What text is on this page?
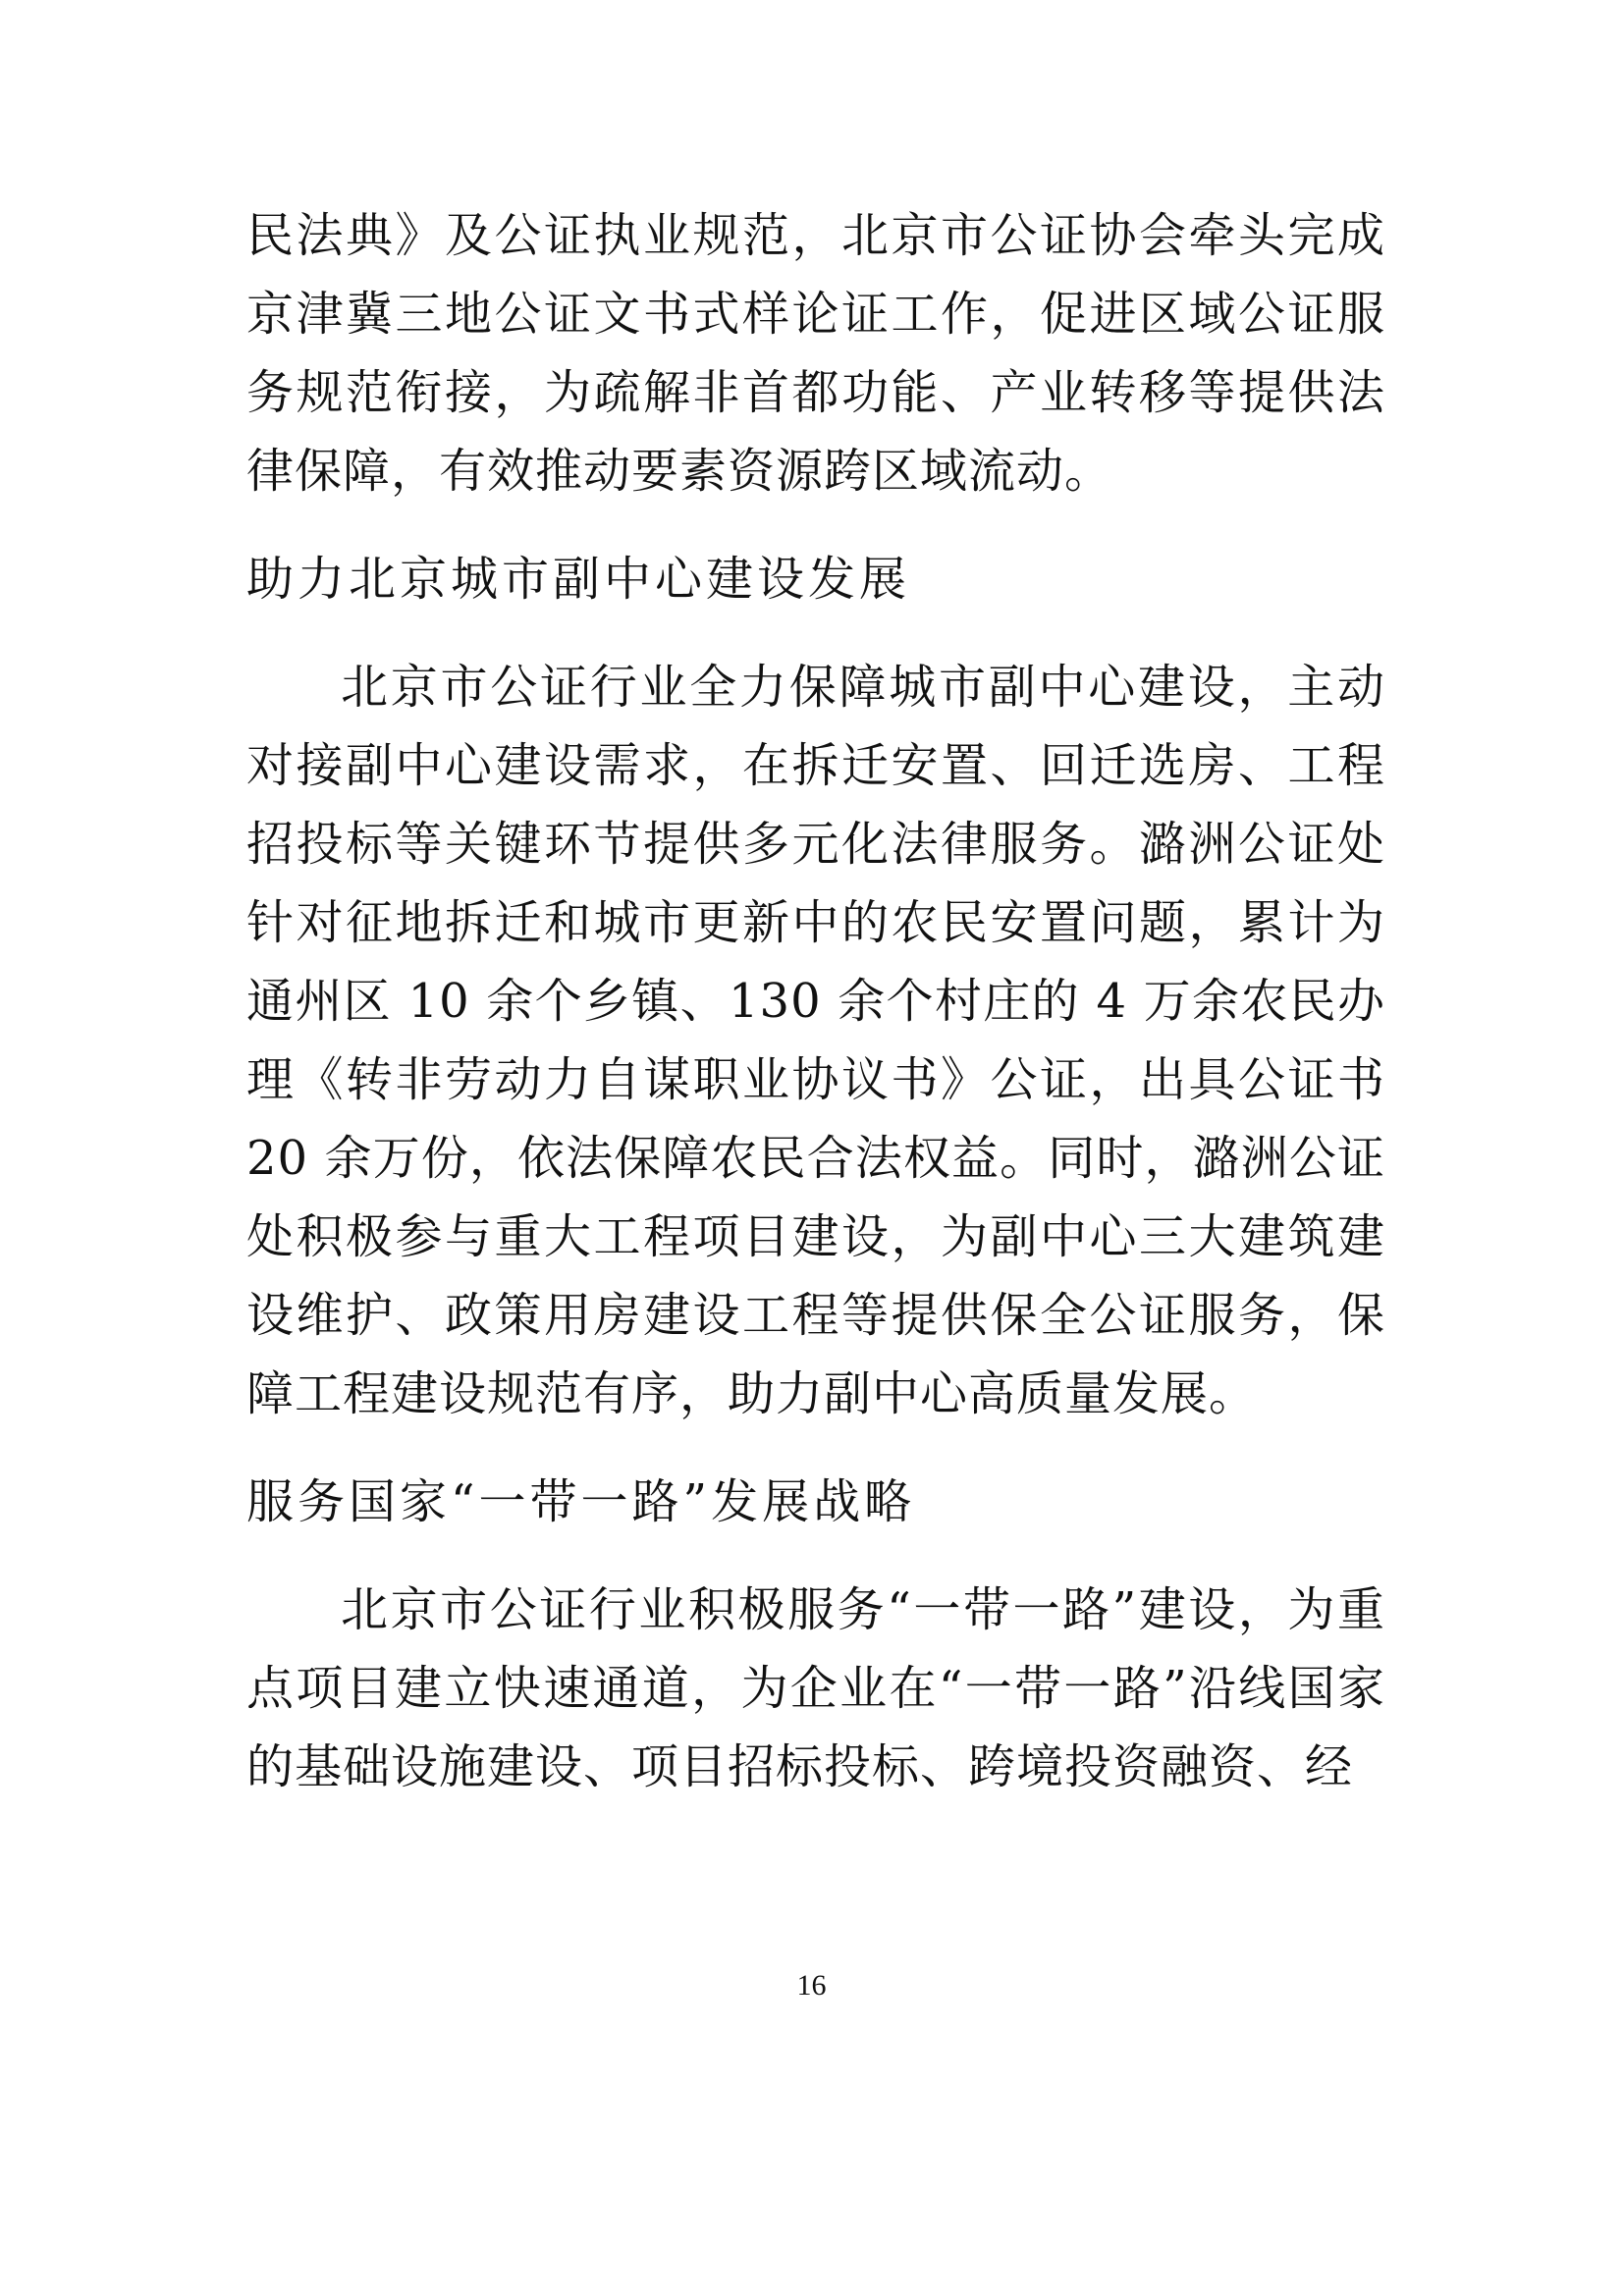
民法典》及公证执业规范，北京市公证协会牵头完成京津冀三地公证文书式样论证工作，促进区域公证服务规范衔接，为疏解非首都功能、产业转移等提供法律保障，有效推动要素资源跨区域流动。

助力北京城市副中心建设发展

北京市公证行业全力保障城市副中心建设，主动对接副中心建设需求，在拆迁安置、回迁选房、工程招投标等关键环节提供多元化法律服务。潞洲公证处针对征地拆迁和城市更新中的农民安置问题，累计为通州区 10 余个乡镇、130 余个村庄的 4 万余农民办理《转非劳动力自谋职业协议书》公证，出具公证书 20 余万份，依法保障农民合法权益。同时，潞洲公证处积极参与重大工程项目建设，为副中心三大建筑建设维护、政策用房建设工程等提供保全公证服务，保障工程建设规范有序，助力副中心高质量发展。

服务国家“一带一路”发展战略

北京市公证行业积极服务“一带一路”建设，为重点项目建立快速通道，为企业在“一带一路”沿线国家的基础设施建设、项目招标投标、跨境投资融资、经

16
